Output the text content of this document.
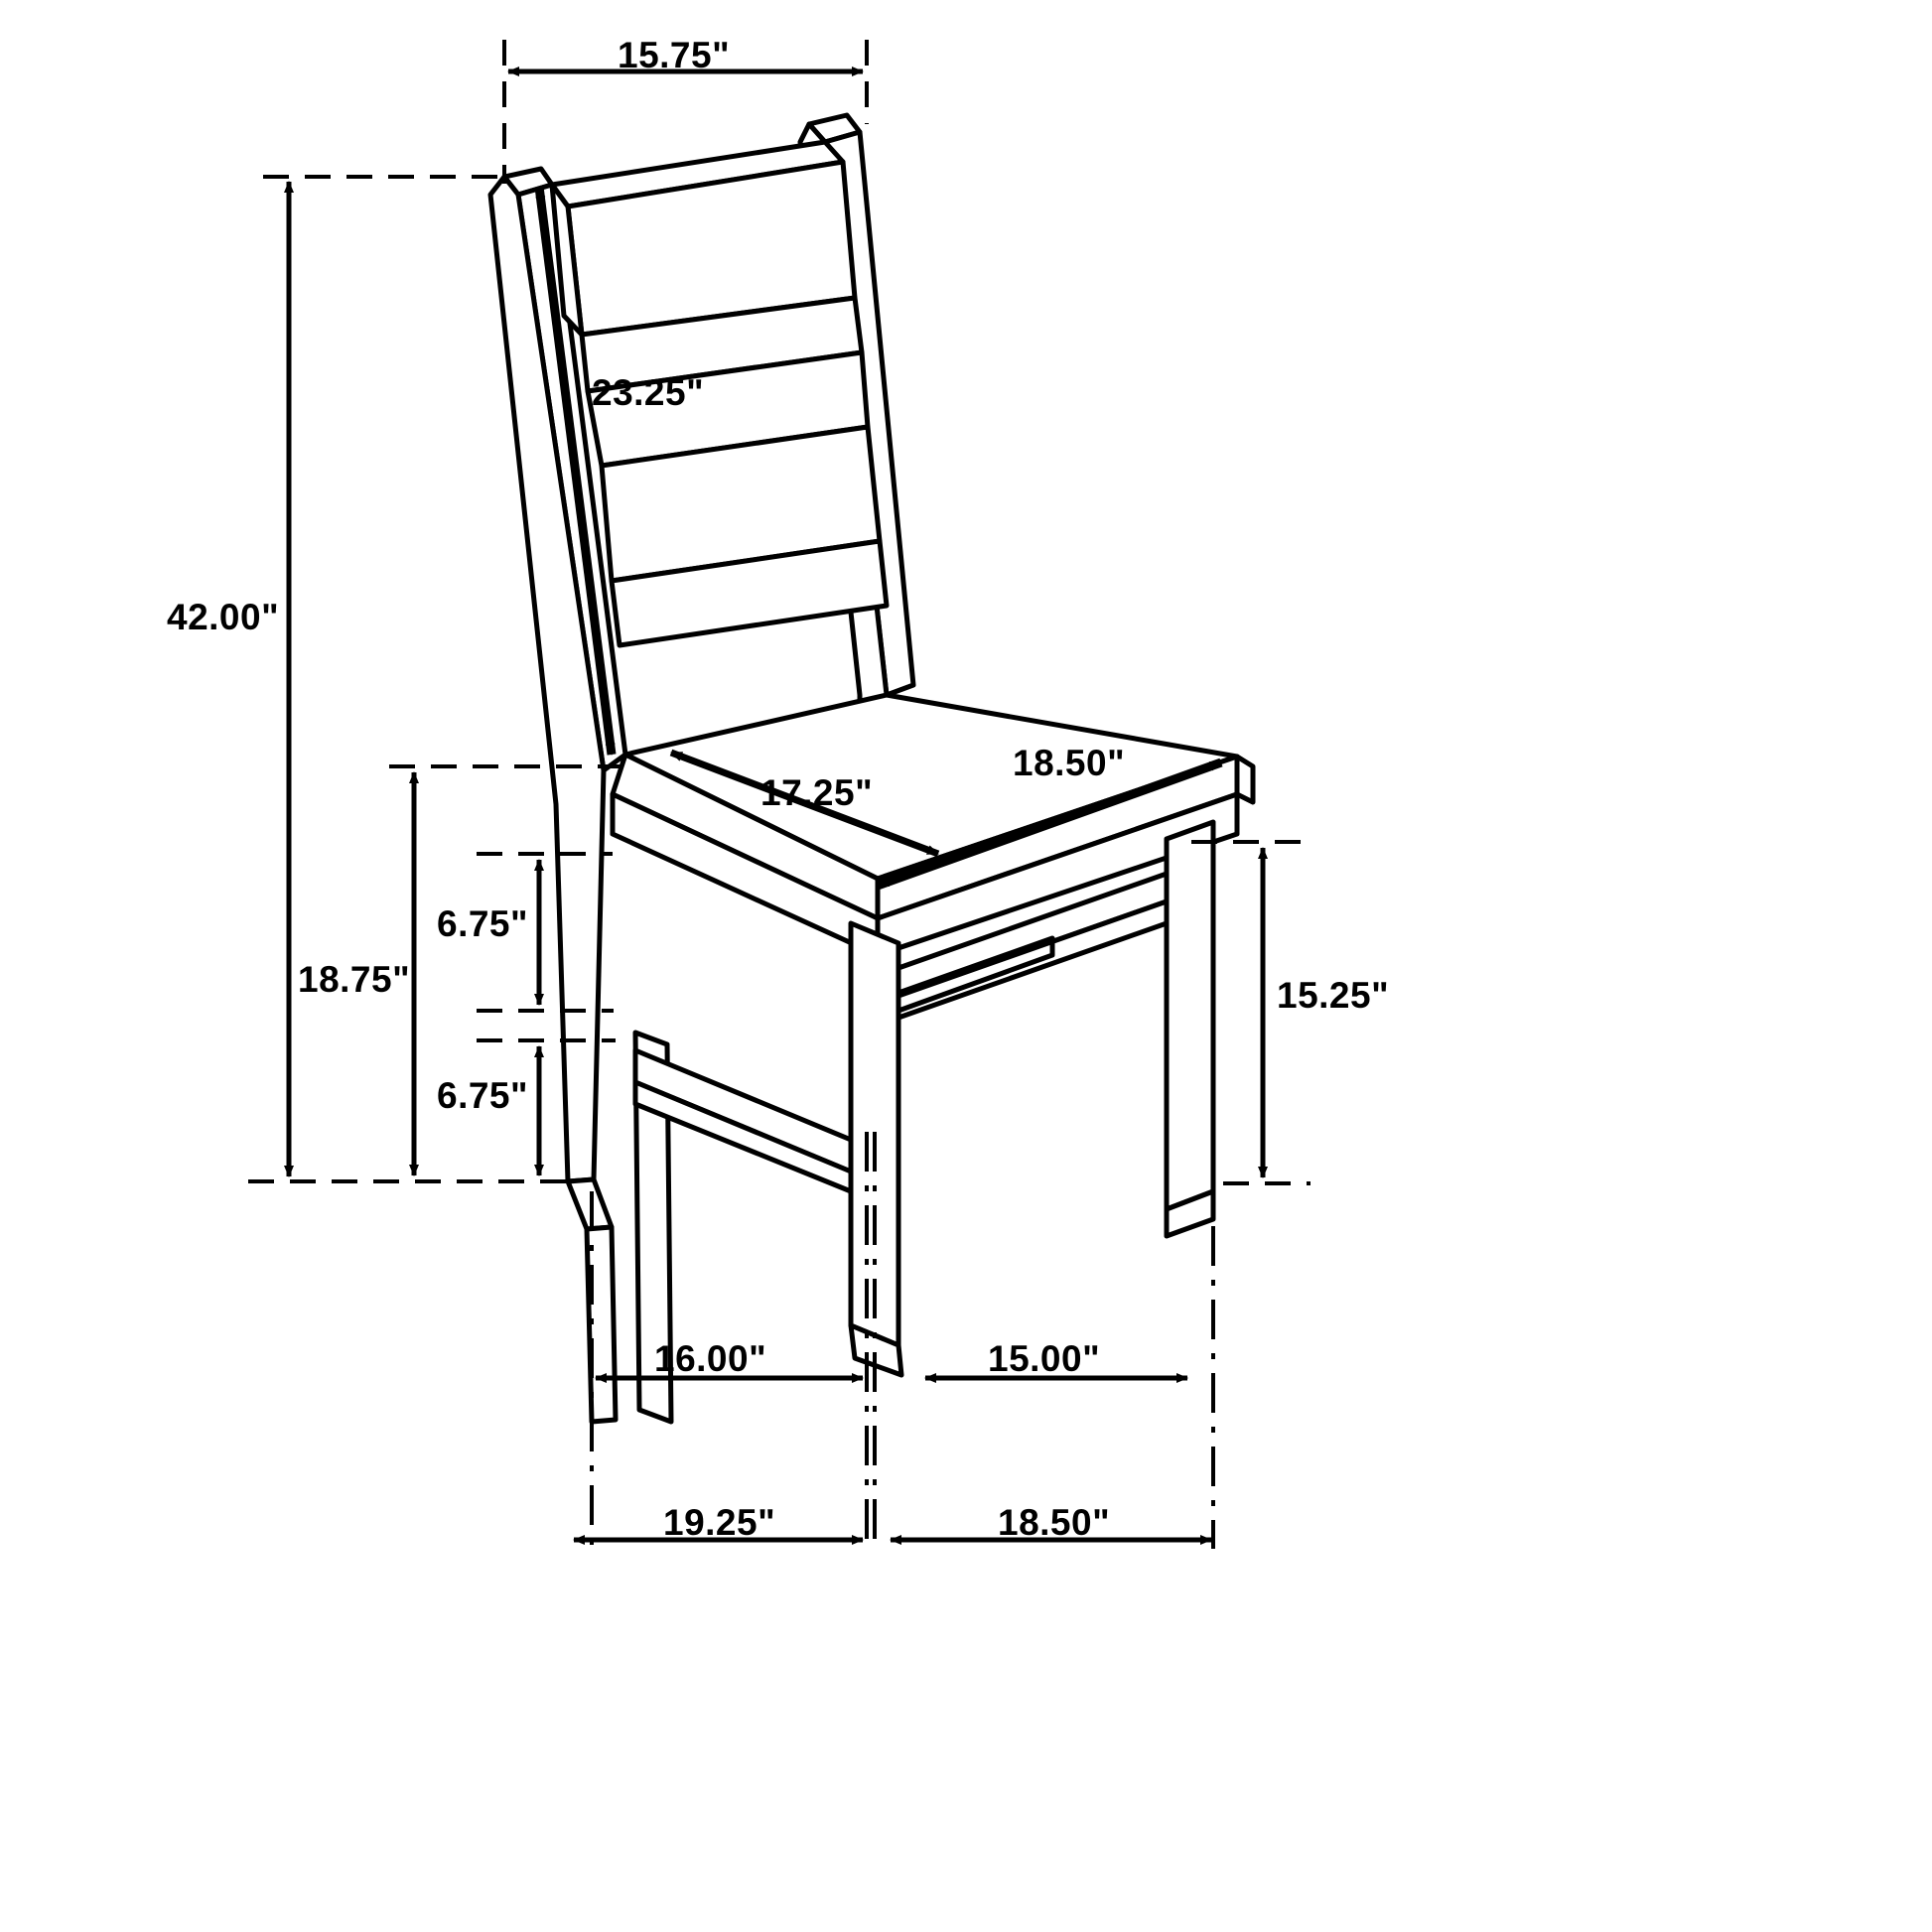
15.75"
23.25"
42.00"
17.25"
18.50"
18.75"
6.75"
6.75"
15.25"
16.00"	15.00"
19.25"	18.50"
